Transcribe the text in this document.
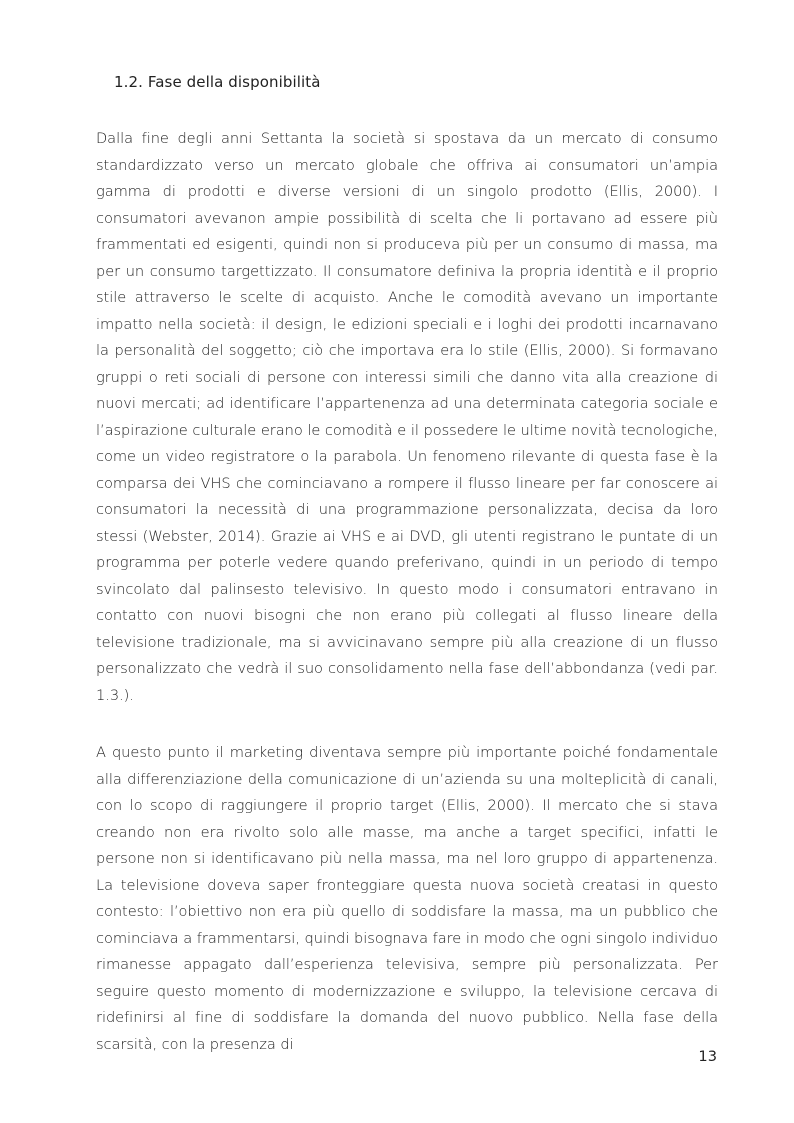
1.2. Fase della disponibilità

Dalla fine degli anni Settanta la società si spostava da un mercato di consumo standardizzato verso un mercato globale che offriva ai consumatori un’ampia gamma di prodotti e diverse versioni di un singolo prodotto (Ellis, 2000). I consumatori avevanon ampie possibilità di scelta che li portavano ad essere più frammentati ed esigenti, quindi non si produceva più per un consumo di massa, ma per un consumo targettizzato. Il consumatore definiva la propria identità e il proprio stile attraverso le scelte di acquisto. Anche le comodità avevano un importante impatto nella società: il design, le edizioni speciali e i loghi dei prodotti incarnavano la personalità del soggetto; ciò che importava era lo stile (Ellis, 2000). Si formavano gruppi o reti sociali di persone con interessi simili che danno vita alla creazione di nuovi mercati; ad identificare l’appartenenza ad una determinata categoria sociale e l’aspirazione culturale erano le comodità e il possedere le ultime novità tecnologiche, come un video registratore o la parabola. Un fenomeno rilevante di questa fase è la comparsa dei VHS che cominciavano a rompere il flusso lineare per far conoscere ai consumatori la necessità di una programmazione personalizzata, decisa da loro stessi (Webster, 2014). Grazie ai VHS e ai DVD, gli utenti registrano le puntate di un programma per poterle vedere quando preferivano, quindi in un periodo di tempo svincolato dal palinsesto televisivo. In questo modo i consumatori entravano in contatto con nuovi bisogni che non erano più collegati al flusso lineare della televisione tradizionale, ma si avvicinavano sempre più alla creazione di un flusso personalizzato che vedrà il suo consolidamento nella fase dell’abbondanza (vedi par. 1.3.).

A questo punto il marketing diventava sempre più importante poiché fondamentale alla differenziazione della comunicazione di un’azienda su una molteplicità di canali, con lo scopo di raggiungere il proprio target (Ellis, 2000). Il mercato che si stava creando non era rivolto solo alle masse, ma anche a target specifici, infatti le persone non si identificavano più nella massa, ma nel loro gruppo di appartenenza. La televisione doveva saper fronteggiare questa nuova società creatasi in questo contesto: l’obiettivo non era più quello di soddisfare la massa, ma un pubblico che cominciava a frammentarsi, quindi bisognava fare in modo che ogni singolo individuo rimanesse appagato dall’esperienza televisiva, sempre più personalizzata. Per seguire questo momento di modernizzazione e sviluppo, la televisione cercava di ridefinirsi al fine di soddisfare la domanda del nuovo pubblico. Nella fase della scarsità, con la presenza di

13
